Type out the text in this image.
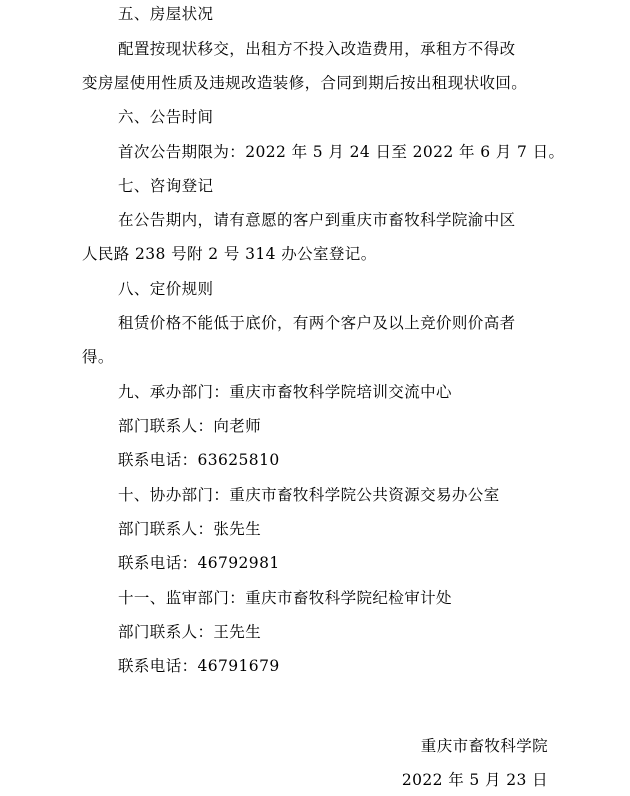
五、房屋状况
配置按现状移交，出租方不投入改造费用，承租方不得改
变房屋使用性质及违规改造装修，合同到期后按出租现状收回。
六、公告时间
首次公告期限为：2022 年 5 月 24 日至 2022 年 6 月 7 日。
七、咨询登记
在公告期内，请有意愿的客户到重庆市畜牧科学院渝中区
人民路 238 号附 2 号 314 办公室登记。
八、定价规则
租赁价格不能低于底价，有两个客户及以上竞价则价高者
得。
九、承办部门：重庆市畜牧科学院培训交流中心
部门联系人：向老师
联系电话：63625810
十、协办部门：重庆市畜牧科学院公共资源交易办公室
部门联系人：张先生
联系电话：46792981
十一、监审部门：重庆市畜牧科学院纪检审计处
部门联系人：王先生
联系电话：46791679
重庆市畜牧科学院
2022 年 5 月 23 日
